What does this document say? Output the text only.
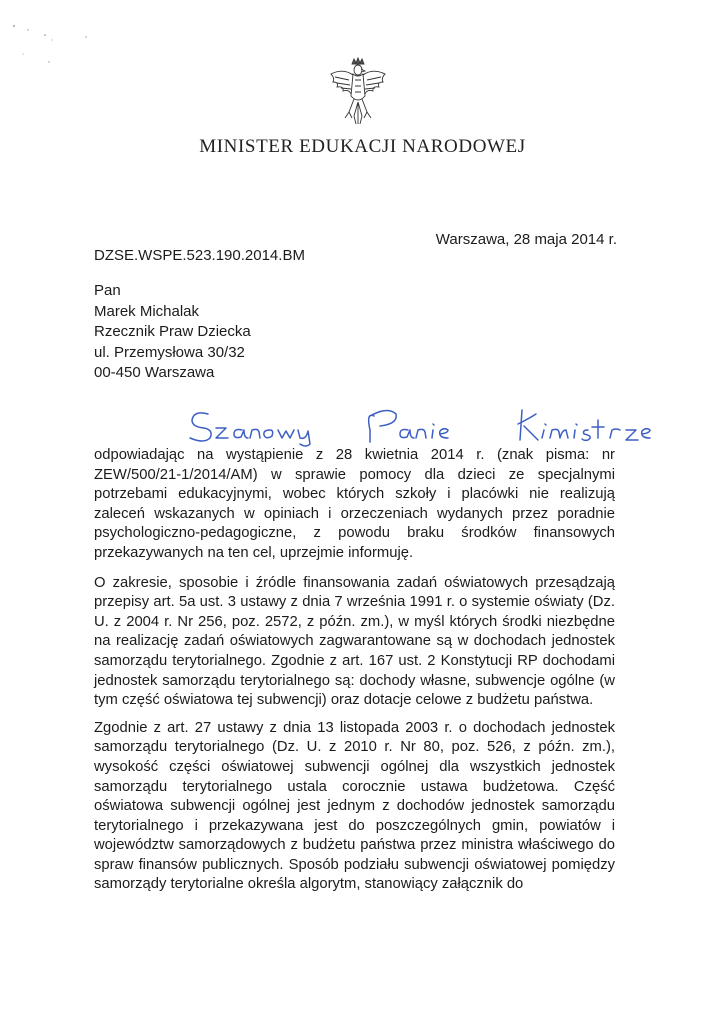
MINISTER EDUKACJI NARODOWEJ
Warszawa, 28 maja 2014 r.
DZSE.WSPE.523.190.2014.BM
Pan
Marek Michalak
Rzecznik Praw Dziecka
ul. Przemysłowa 30/32
00-450 Warszawa

odpowiadając na wystąpienie z 28 kwietnia 2014 r. (znak pisma: nr ZEW/500/21-1/2014/AM) w sprawie pomocy dla dzieci ze specjalnymi potrzebami edukacyjnymi, wobec których szkoły i placówki nie realizują zaleceń wskazanych w opiniach i orzeczeniach wydanych przez poradnie psychologiczno-pedagogiczne, z powodu braku środków finansowych przekazywanych na ten cel, uprzejmie informuję.

O zakresie, sposobie i źródle finansowania zadań oświatowych przesądzają przepisy art. 5a ust. 3 ustawy z dnia 7 września 1991 r. o systemie oświaty (Dz. U. z 2004 r. Nr 256, poz. 2572, z późn. zm.), w myśl których środki niezbędne na realizację zadań oświatowych zagwarantowane są w dochodach jednostek samorządu terytorialnego. Zgodnie z art. 167 ust. 2 Konstytucji RP dochodami jednostek samorządu terytorialnego są: dochody własne, subwencje ogólne (w tym część oświatowa tej subwencji) oraz dotacje celowe z budżetu państwa.

Zgodnie z art. 27 ustawy z dnia 13 listopada 2003 r. o dochodach jednostek samorządu terytorialnego (Dz. U. z 2010 r. Nr 80, poz. 526, z późn. zm.), wysokość części oświatowej subwencji ogólnej dla wszystkich jednostek samorządu terytorialnego ustala corocznie ustawa budżetowa. Część oświatowa subwencji ogólnej jest jednym z dochodów jednostek samorządu terytorialnego i przekazywana jest do poszczególnych gmin, powiatów i województw samorządowych z budżetu państwa przez ministra właściwego do spraw finansów publicznych. Sposób podziału subwencji oświatowej pomiędzy samorządy terytorialne określa algorytm, stanowiący załącznik do
